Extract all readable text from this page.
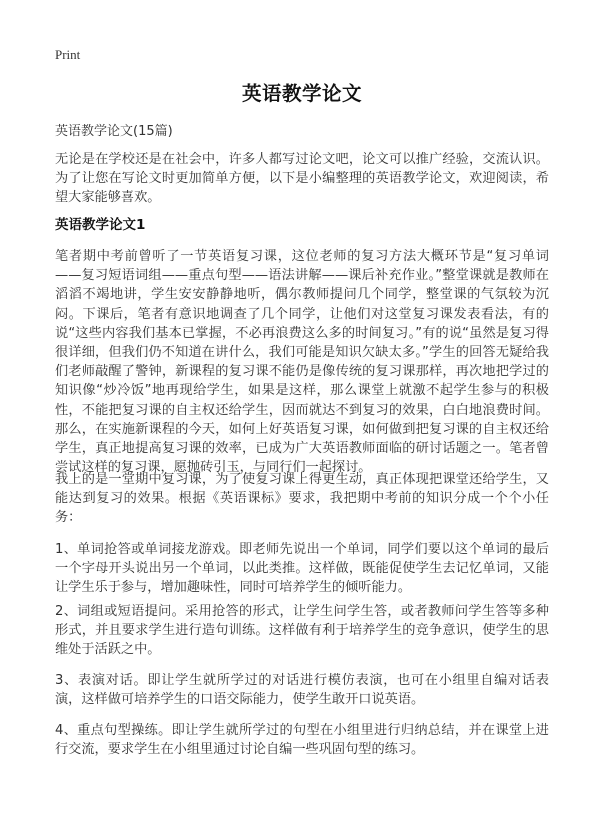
Print
英语教学论文
英语教学论文(15篇)

无论是在学校还是在社会中，许多人都写过论文吧，论文可以推广经验，交流认识。为了让您在写论文时更加简单方便，以下是小编整理的英语教学论文，欢迎阅读，希望大家能够喜欢。

英语教学论文1

笔者期中考前曾听了一节英语复习课，这位老师的复习方法大概环节是“复习单词——复习短语词组——重点句型——语法讲解——课后补充作业。”整堂课就是教师在滔滔不竭地讲，学生安安静静地听，偶尔教师提问几个同学，整堂课的气氛较为沉闷。下课后，笔者有意识地调查了几个同学，让他们对这堂复习课发表看法，有的说“这些内容我们基本已掌握，不必再浪费这么多的时间复习。”有的说“虽然是复习得很详细，但我们仍不知道在讲什么，我们可能是知识欠缺太多。”学生的回答无疑给我们老师敲醒了警钟，新课程的复习课不能仍是像传统的复习课那样，再次地把学过的知识像“炒冷饭”地再现给学生，如果是这样，那么课堂上就激不起学生参与的积极性，不能把复习课的自主权还给学生，因而就达不到复习的效果，白白地浪费时间。那么，在实施新课程的今天，如何上好英语复习课，如何做到把复习课的自主权还给学生，真正地提高复习课的效率，已成为广大英语教师面临的研讨话题之一。笔者曾尝试这样的复习课，愿抛砖引玉，与同行们一起探讨。

我上的是一堂期中复习课，为了使复习课上得更生动，真正体现把课堂还给学生，又能达到复习的效果。根据《英语课标》要求，我把期中考前的知识分成一个个小任务：

1、单词抢答或单词接龙游戏。即老师先说出一个单词，同学们要以这个单词的最后一个字母开头说出另一个单词，以此类推。这样做，既能促使学生去记忆单词，又能让学生乐于参与，增加趣味性，同时可培养学生的倾听能力。

2、词组或短语提问。采用抢答的形式，让学生问学生答，或者教师问学生答等多种形式，并且要求学生进行造句训练。这样做有利于培养学生的竞争意识，使学生的思维处于活跃之中。

3、表演对话。即让学生就所学过的对话进行模仿表演，也可在小组里自编对话表演，这样做可培养学生的口语交际能力，使学生敢开口说英语。

4、重点句型操练。即让学生就所学过的句型在小组里进行归纳总结，并在课堂上进行交流，要求学生在小组里通过讨论自编一些巩固句型的练习。
